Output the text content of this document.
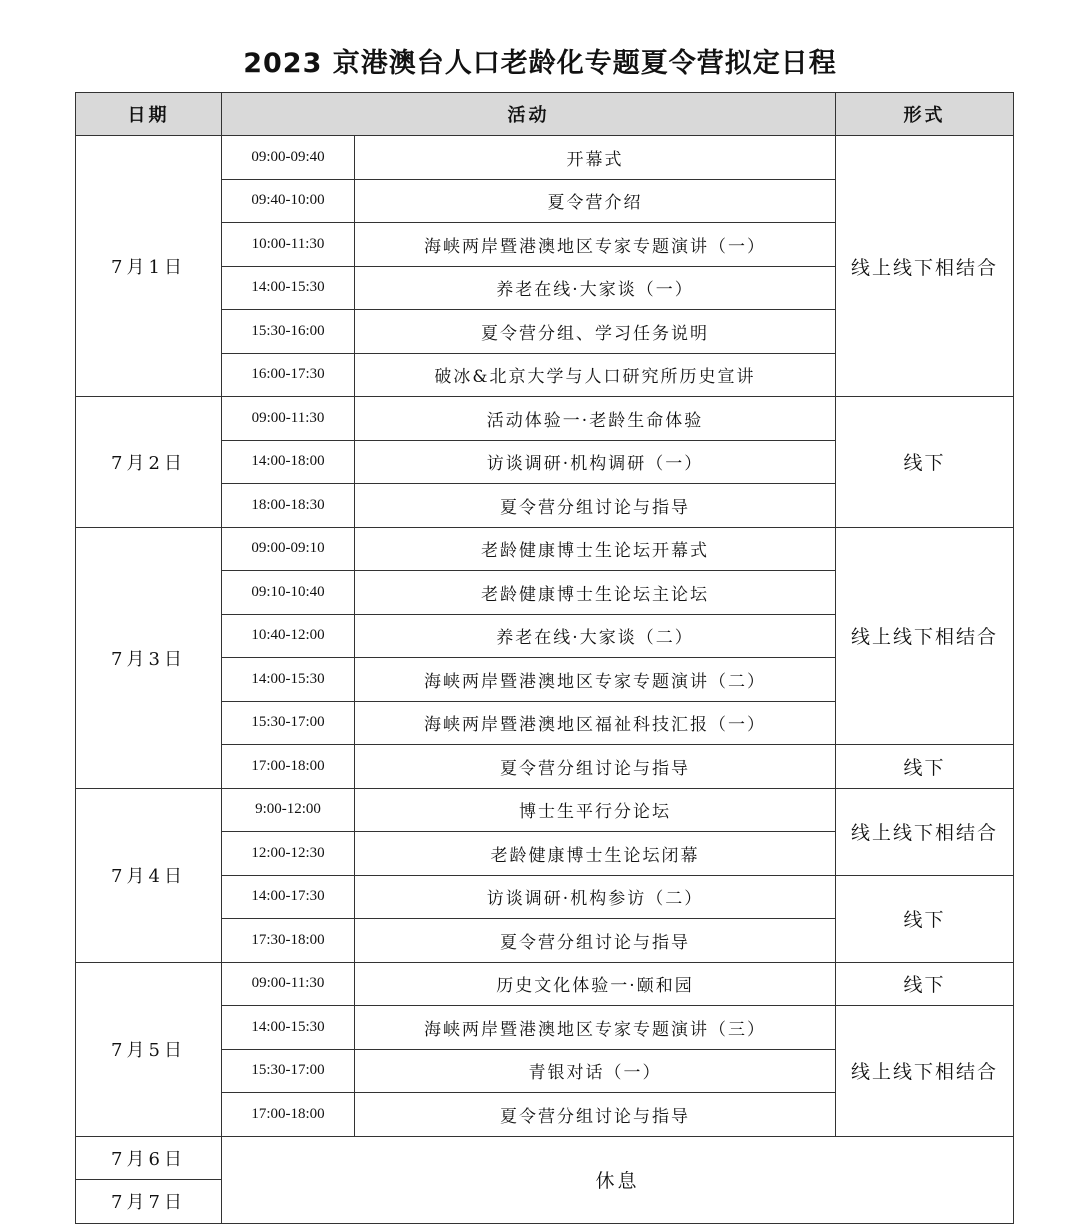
2023 京港澳台人口老龄化专题夏令营拟定日程
日期	活动		形式
7月1日	09:00-09:40	开幕式	线上线下相结合
	09:40-10:00	夏令营介绍	
	10:00-11:30	海峡两岸暨港澳地区专家专题演讲（一）	
	14:00-15:30	养老在线·大家谈（一）	
	15:30-16:00	夏令营分组、学习任务说明	
	16:00-17:30	破冰&北京大学与人口研究所历史宣讲	
7月2日	09:00-11:30	活动体验一·老龄生命体验	线下
	14:00-18:00	访谈调研·机构调研（一）	
	18:00-18:30	夏令营分组讨论与指导	
7月3日	09:00-09:10	老龄健康博士生论坛开幕式	线上线下相结合
	09:10-10:40	老龄健康博士生论坛主论坛	
	10:40-12:00	养老在线·大家谈（二）	
	14:00-15:30	海峡两岸暨港澳地区专家专题演讲（二）	
	15:30-17:00	海峡两岸暨港澳地区福祉科技汇报（一）	
	17:00-18:00	夏令营分组讨论与指导	线下
7月4日	9:00-12:00	博士生平行分论坛	线上线下相结合
	12:00-12:30	老龄健康博士生论坛闭幕	
	14:00-17:30	访谈调研·机构参访（二）	线下
	17:30-18:00	夏令营分组讨论与指导	
7月5日	09:00-11:30	历史文化体验一·颐和园	线下
	14:00-15:30	海峡两岸暨港澳地区专家专题演讲（三）	线上线下相结合
	15:30-17:00	青银对话（一）	
	17:00-18:00	夏令营分组讨论与指导	
7月6日	休息		
7月7日			
